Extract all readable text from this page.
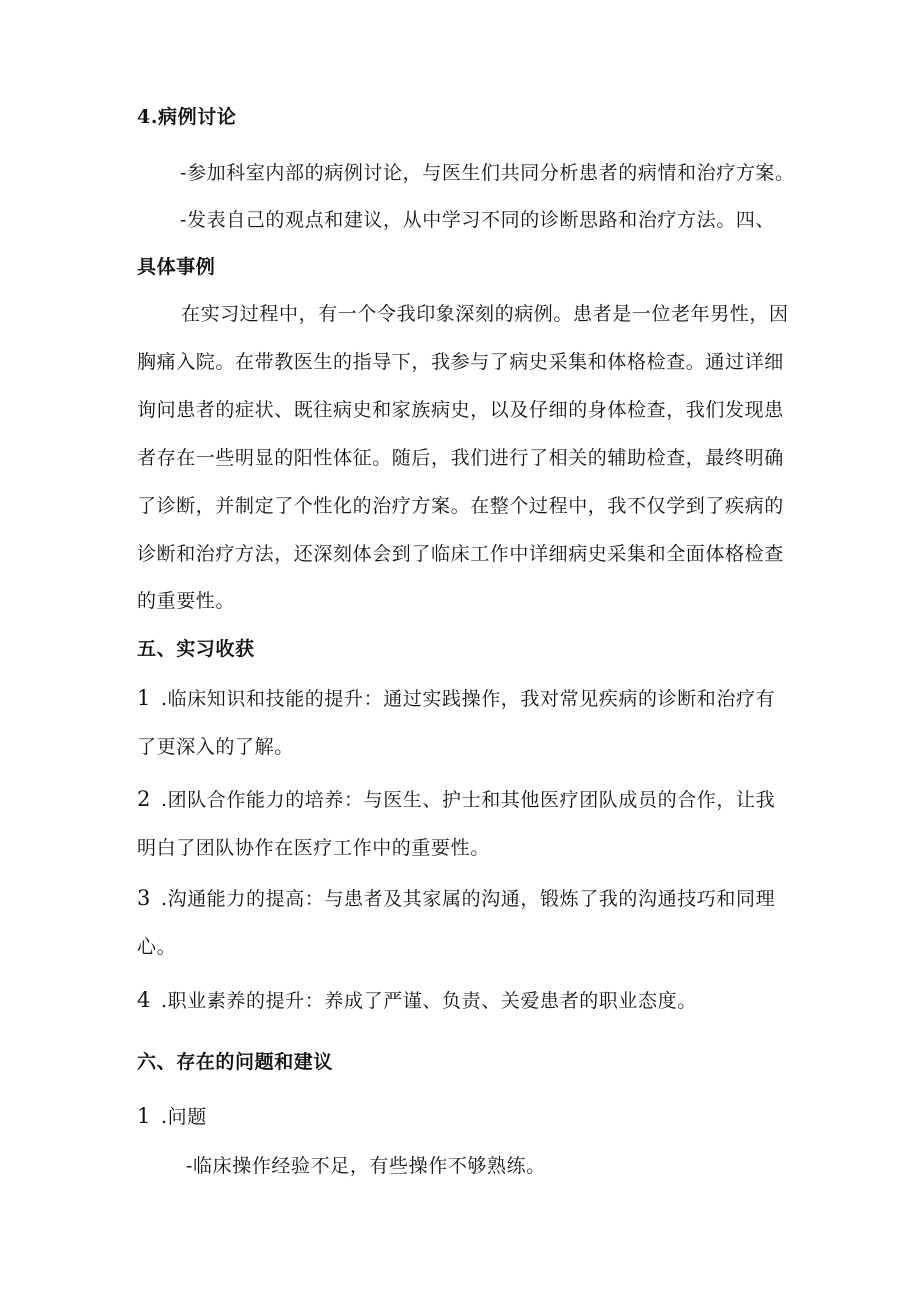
4.病例讨论
-参加科室内部的病例讨论，与医生们共同分析患者的病情和治疗方案。
-发表自己的观点和建议，从中学习不同的诊断思路和治疗方法。四、
具体事例
在实习过程中，有一个令我印象深刻的病例。患者是一位老年男性，因
胸痛入院。在带教医生的指导下，我参与了病史采集和体格检查。通过详细
询问患者的症状、既往病史和家族病史，以及仔细的身体检查，我们发现患
者存在一些明显的阳性体征。随后，我们进行了相关的辅助检查，最终明确
了诊断，并制定了个性化的治疗方案。在整个过程中，我不仅学到了疾病的
诊断和治疗方法，还深刻体会到了临床工作中详细病史采集和全面体格检查
的重要性。
五、实习收获
1 .临床知识和技能的提升：通过实践操作，我对常见疾病的诊断和治疗有
了更深入的了解。
2 .团队合作能力的培养：与医生、护士和其他医疗团队成员的合作，让我
明白了团队协作在医疗工作中的重要性。
3 .沟通能力的提高：与患者及其家属的沟通，锻炼了我的沟通技巧和同理
心。
4 .职业素养的提升：养成了严谨、负责、关爱患者的职业态度。
六、存在的问题和建议
1 .问题
-临床操作经验不足，有些操作不够熟练。
